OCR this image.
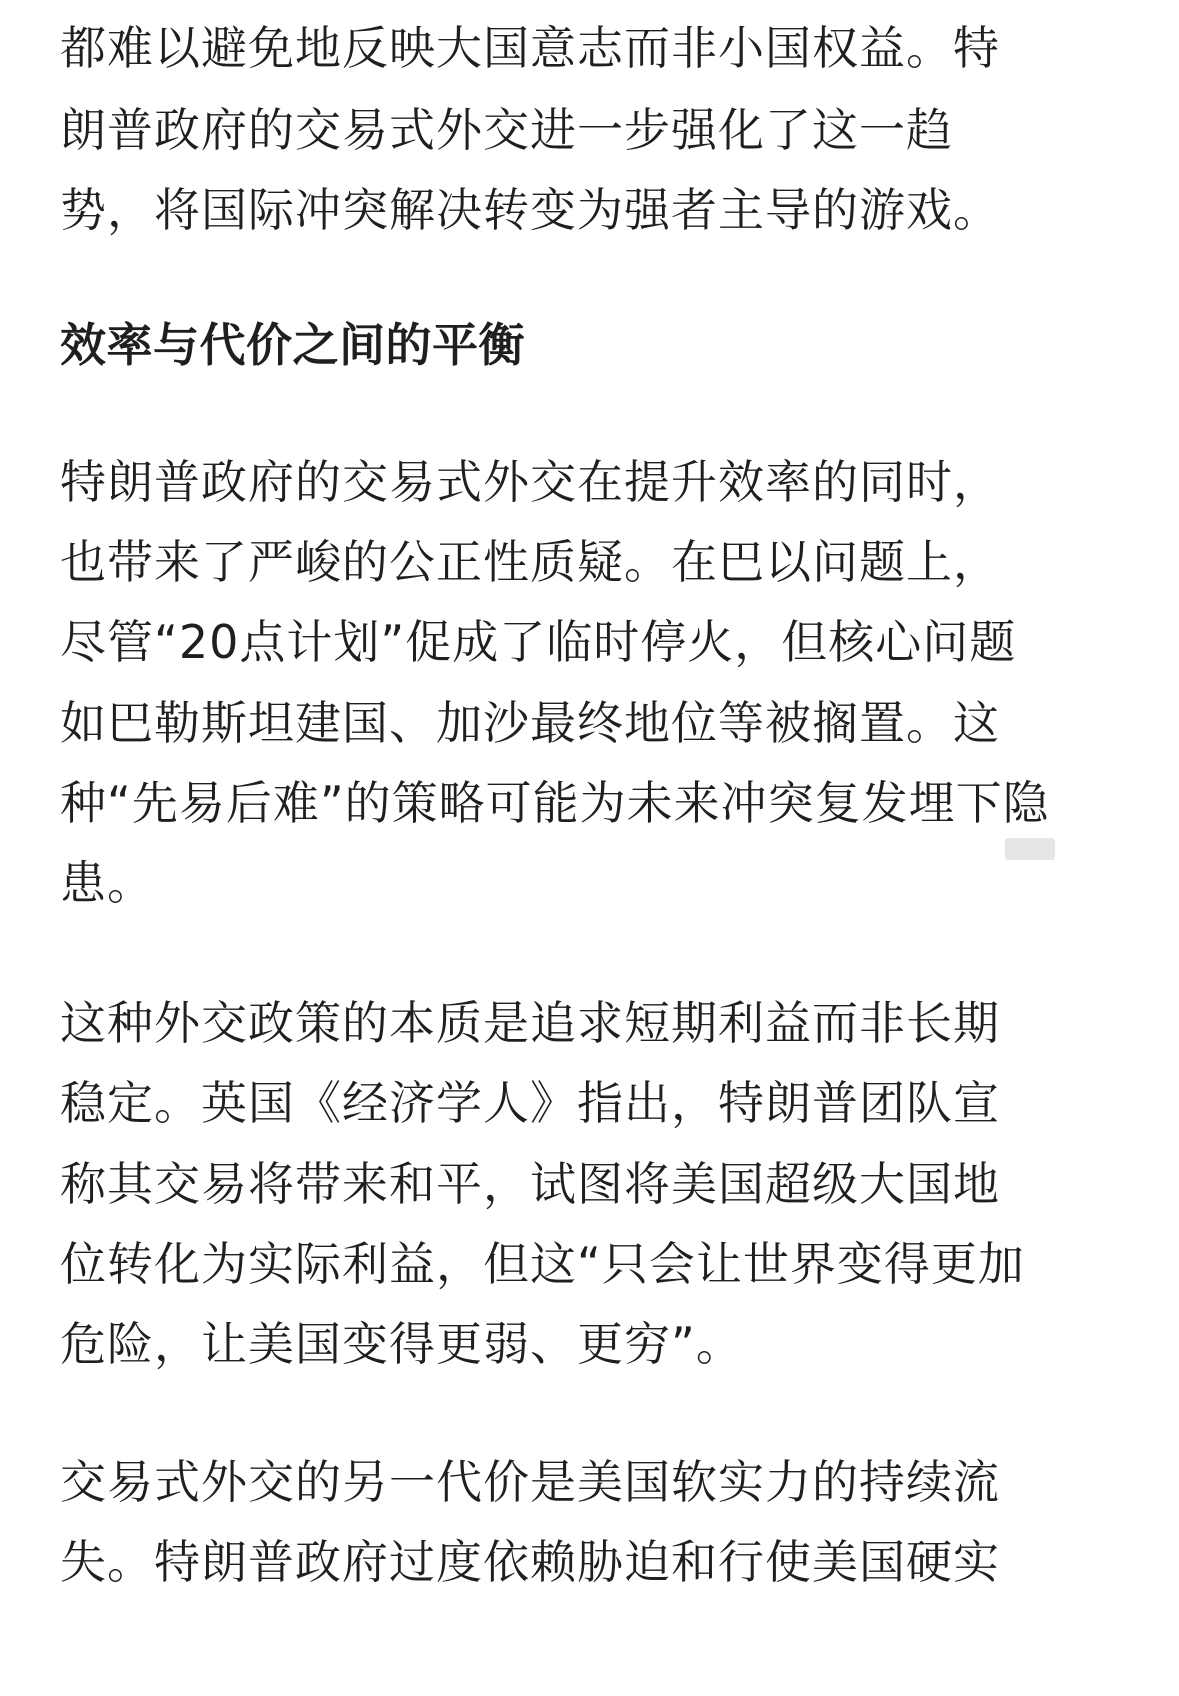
都难以避免地反映大国意志而非小国权益。特
朗普政府的交易式外交进一步强化了这一趋
势，将国际冲突解决转变为强者主导的游戏。
效率与代价之间的平衡
特朗普政府的交易式外交在提升效率的同时，
也带来了严峻的公正性质疑。在巴以问题上，
尽管“20点计划”促成了临时停火，但核心问题
如巴勒斯坦建国、加沙最终地位等被搁置。这
种“先易后难”的策略可能为未来冲突复发埋下隐
患。
这种外交政策的本质是追求短期利益而非长期
稳定。英国《经济学人》指出，特朗普团队宣
称其交易将带来和平，试图将美国超级大国地
位转化为实际利益，但这“只会让世界变得更加
危险，让美国变得更弱、更穷”。
交易式外交的另一代价是美国软实力的持续流
失。特朗普政府过度依赖胁迫和行使美国硬实
